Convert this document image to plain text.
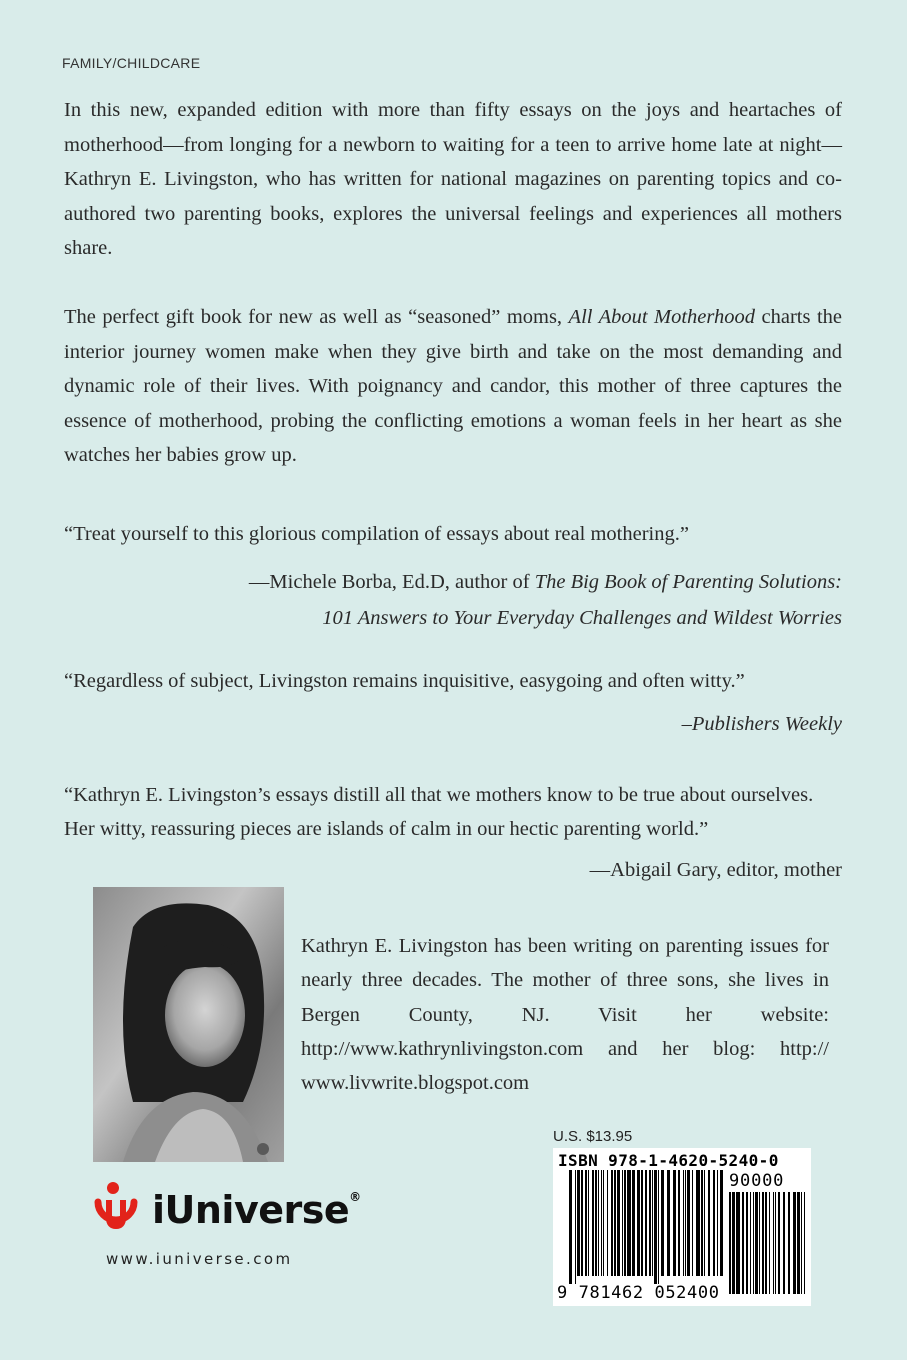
FAMILY/CHILDCARE

In this new, expanded edition with more than fifty essays on the joys and heartaches of motherhood—from longing for a newborn to waiting for a teen to arrive home late at night—Kathryn E. Livingston, who has written for national magazines on parenting topics and co-authored two parenting books, explores the universal feelings and experiences all mothers share.

The perfect gift book for new as well as “seasoned” moms, All About Motherhood charts the interior journey women make when they give birth and take on the most demanding and dynamic role of their lives. With poignancy and candor, this mother of three captures the essence of motherhood, probing the conflicting emotions a woman feels in her heart as she watches her babies grow up.

“Treat yourself to this glorious compilation of essays about real mothering.”

—Michele Borba, Ed.D, author of The Big Book of Parenting Solutions:
101 Answers to Your Everyday Challenges and Wildest Worries

“Regardless of subject, Livingston remains inquisitive, easygoing and often witty.”

–Publishers Weekly

“Kathryn E. Livingston’s essays distill all that we mothers know to be true about ourselves. Her witty, reassuring pieces are islands of calm in our hectic parenting world.”

—Abigail Gary, editor, mother

Kathryn E. Livingston has been writing on parenting issues for nearly three decades. The mother of three sons, she lives in Bergen County, NJ. Visit her website: http://www.kathrynlivingston.com and her blog: http:// www.livwrite.blogspot.com

iUniverse®
www.iuniverse.com
U.S. $13.95
ISBN 978-1-4620-5240-0
90000
9 781462 052400
